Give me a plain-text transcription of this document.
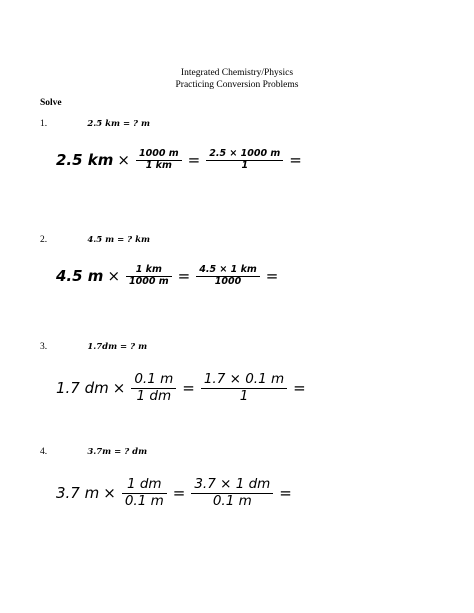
Integrated Chemistry/Physics
Practicing Conversion Problems
Solve
1.	2.5 km = ? m
2.5 km × $\frac{1000 m}{1 km} = \frac{2.5 \times 1000 m}{1}$ =
2.	4.5 m = ? km
4.5 $m \times \frac{1 km}{1000 m} = \frac{4.5 \times 1 km}{1000}$ =
3.	1.7dm = ? m
1.7 dm × $\frac{0.1 m}{1 dm} = \frac{1.7 \times 0.1 m}{1}$ =
4.	3.7m = ? dm
3.7 $m \times \frac{1 dm}{0.1 m} = \frac{3.7 \times 1 dm}{0.1 m}$ =
